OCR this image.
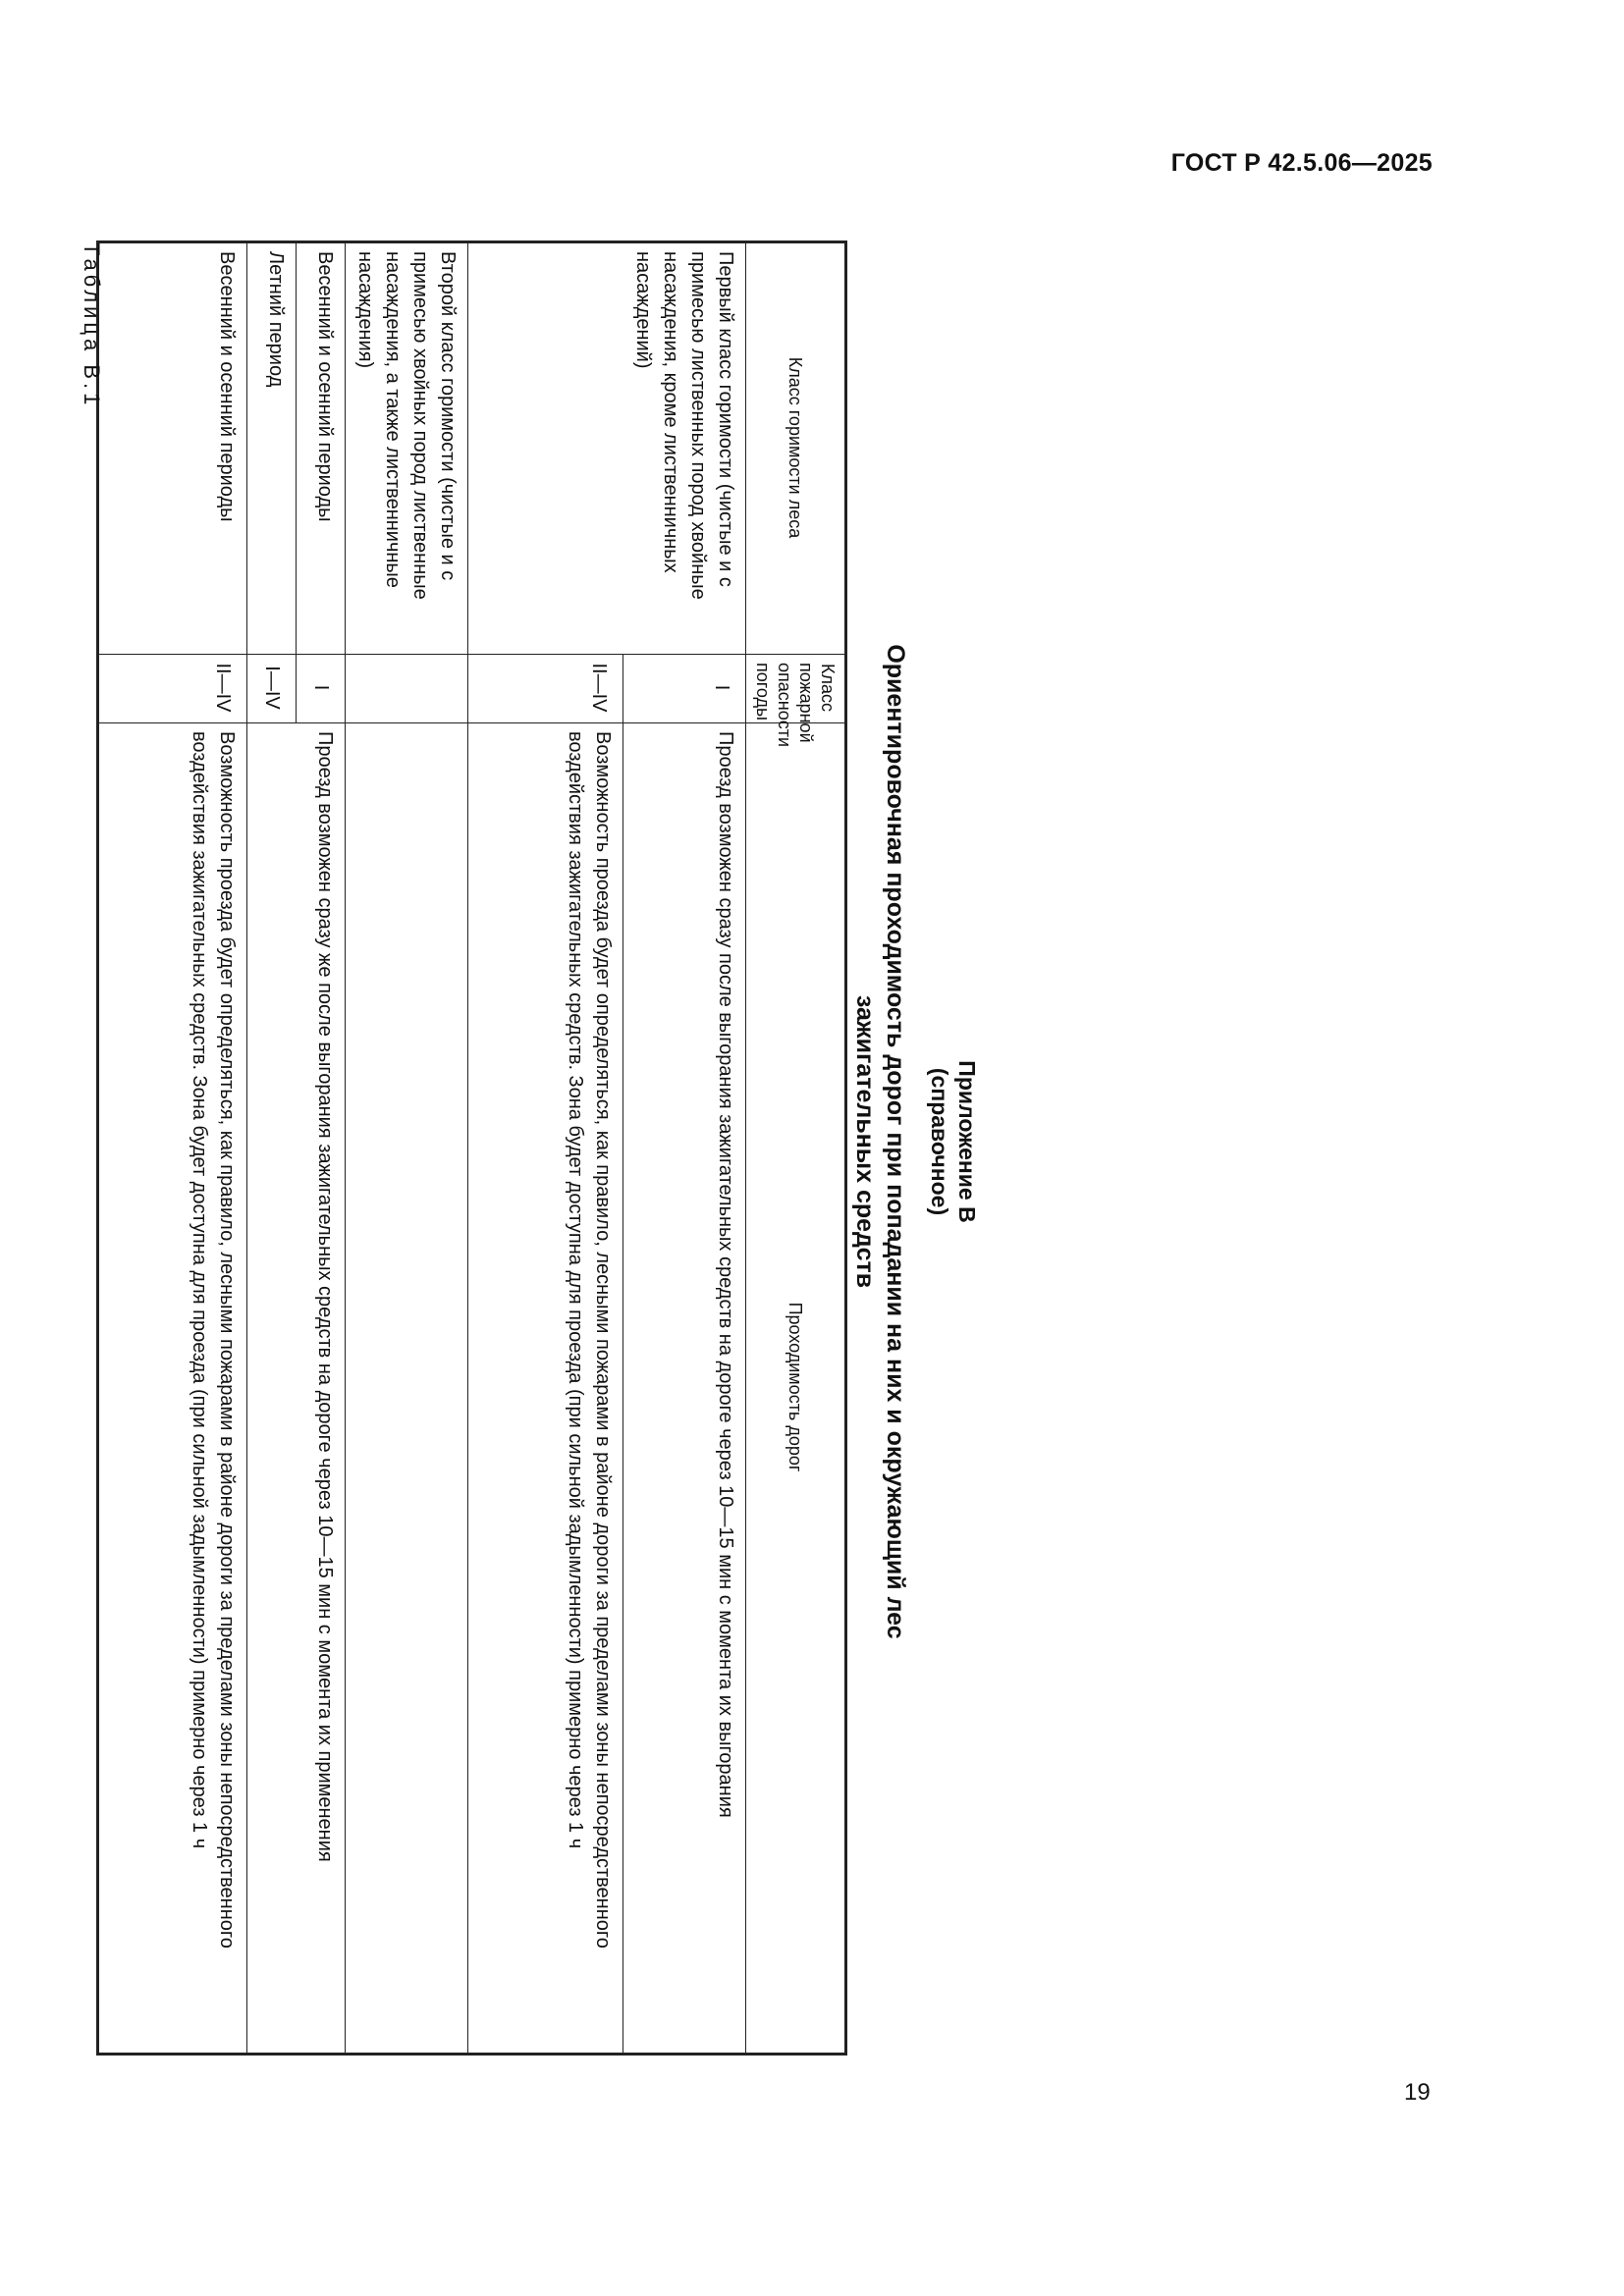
ГОСТ Р 42.5.06—2025
Приложение В
(справочное)
Ориентировочная проходимость дорог при попадании на них и окружающий лес
зажигательных средств
Класс горимости леса	Класс пожарной опасности погоды	Проходимость дорог
Первый класс горимости (чистые и с примесью лиственных пород хвойные насаждения, кроме лиственничных насаждений)	I	Проезд возможен сразу после выгорания зажигательных средств на дороге через 10—15 мин с момента их выгорания
	II—IV	Возможность проезда будет определяться, как правило, лесными пожарами в районе дороги за пределами зоны непосредственного воздействия зажигательных средств. Зона будет доступна для проезда (при сильной задымленности) примерно через 1 ч
Второй класс горимости (чистые и с примесью хвойных пород лиственные насаждения, а также лиственничные насаждения)		
Весенний и осенний периоды	I	Проезд возможен сразу же после выгорания зажигательных средств на дороге через 10—15 мин с момента их применения
Летний период	I—IV	
Весенний и осенний периоды	II—IV	Возможность проезда будет определяться, как правило, лесными пожарами в районе дороги за пределами зоны непосредственного воздействия зажигательных средств. Зона будет доступна для проезда (при сильной задымленности) примерно через 1 ч
Таблица В.1
19
